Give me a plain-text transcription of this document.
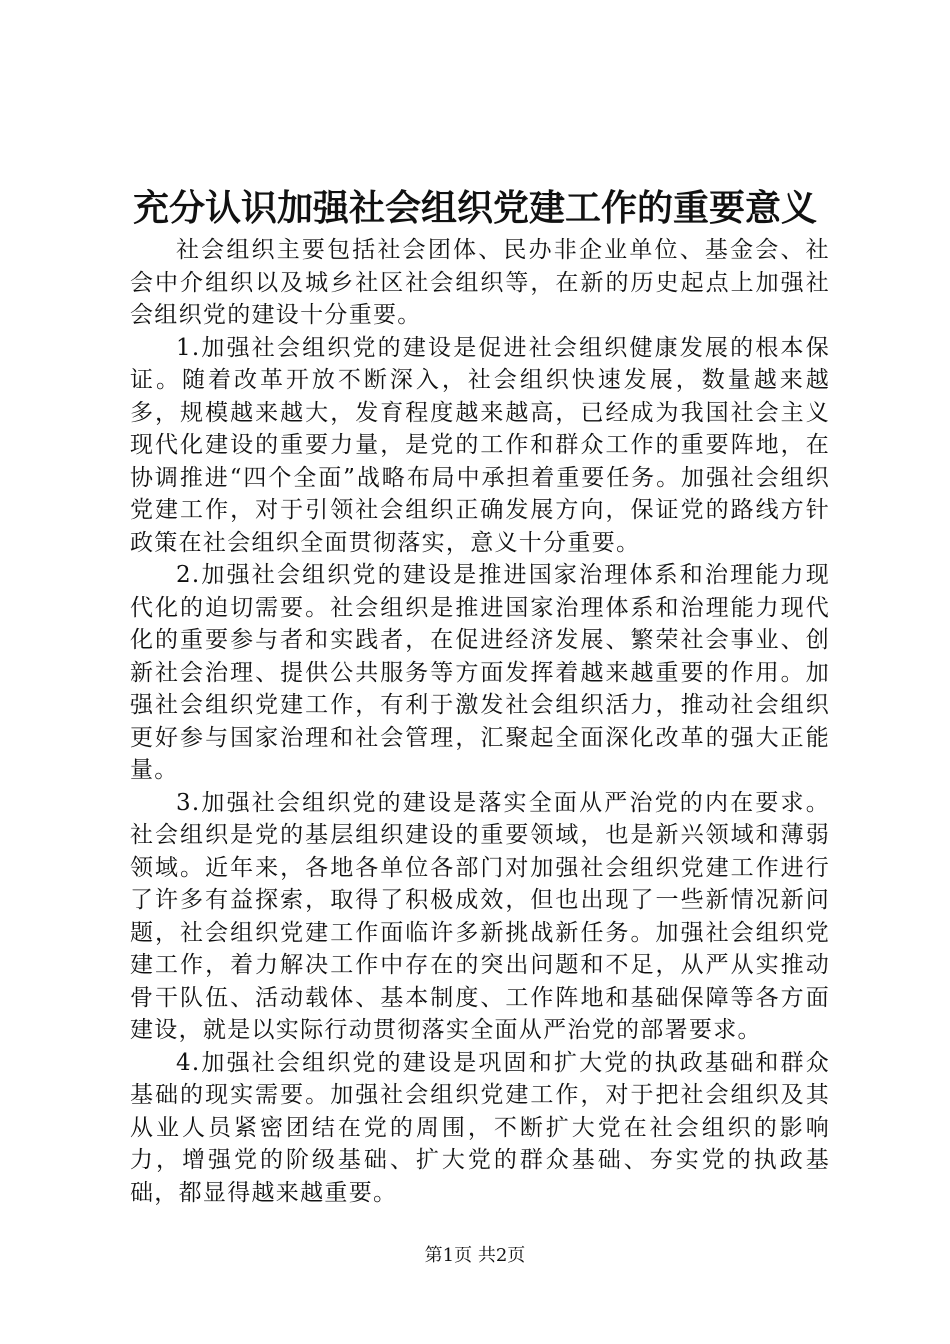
充分认识加强社会组织党建工作的重要意义

社会组织主要包括社会团体、民办非企业单位、基金会、社会中介组织以及城乡社区社会组织等，在新的历史起点上加强社会组织党的建设十分重要。

1.加强社会组织党的建设是促进社会组织健康发展的根本保证。随着改革开放不断深入，社会组织快速发展，数量越来越多，规模越来越大，发育程度越来越高，已经成为我国社会主义现代化建设的重要力量，是党的工作和群众工作的重要阵地，在协调推进“四个全面”战略布局中承担着重要任务。加强社会组织党建工作，对于引领社会组织正确发展方向，保证党的路线方针政策在社会组织全面贯彻落实，意义十分重要。

2.加强社会组织党的建设是推进国家治理体系和治理能力现代化的迫切需要。社会组织是推进国家治理体系和治理能力现代化的重要参与者和实践者，在促进经济发展、繁荣社会事业、创新社会治理、提供公共服务等方面发挥着越来越重要的作用。加强社会组织党建工作，有利于激发社会组织活力，推动社会组织更好参与国家治理和社会管理，汇聚起全面深化改革的强大正能量。

3.加强社会组织党的建设是落实全面从严治党的内在要求。社会组织是党的基层组织建设的重要领域，也是新兴领域和薄弱领域。近年来，各地各单位各部门对加强社会组织党建工作进行了许多有益探索，取得了积极成效，但也出现了一些新情况新问题，社会组织党建工作面临许多新挑战新任务。加强社会组织党建工作，着力解决工作中存在的突出问题和不足，从严从实推动骨干队伍、活动载体、基本制度、工作阵地和基础保障等各方面建设，就是以实际行动贯彻落实全面从严治党的部署要求。

4.加强社会组织党的建设是巩固和扩大党的执政基础和群众基础的现实需要。加强社会组织党建工作，对于把社会组织及其从业人员紧密团结在党的周围，不断扩大党在社会组织的影响力，增强党的阶级基础、扩大党的群众基础、夯实党的执政基础，都显得越来越重要。

第1页 共2页
